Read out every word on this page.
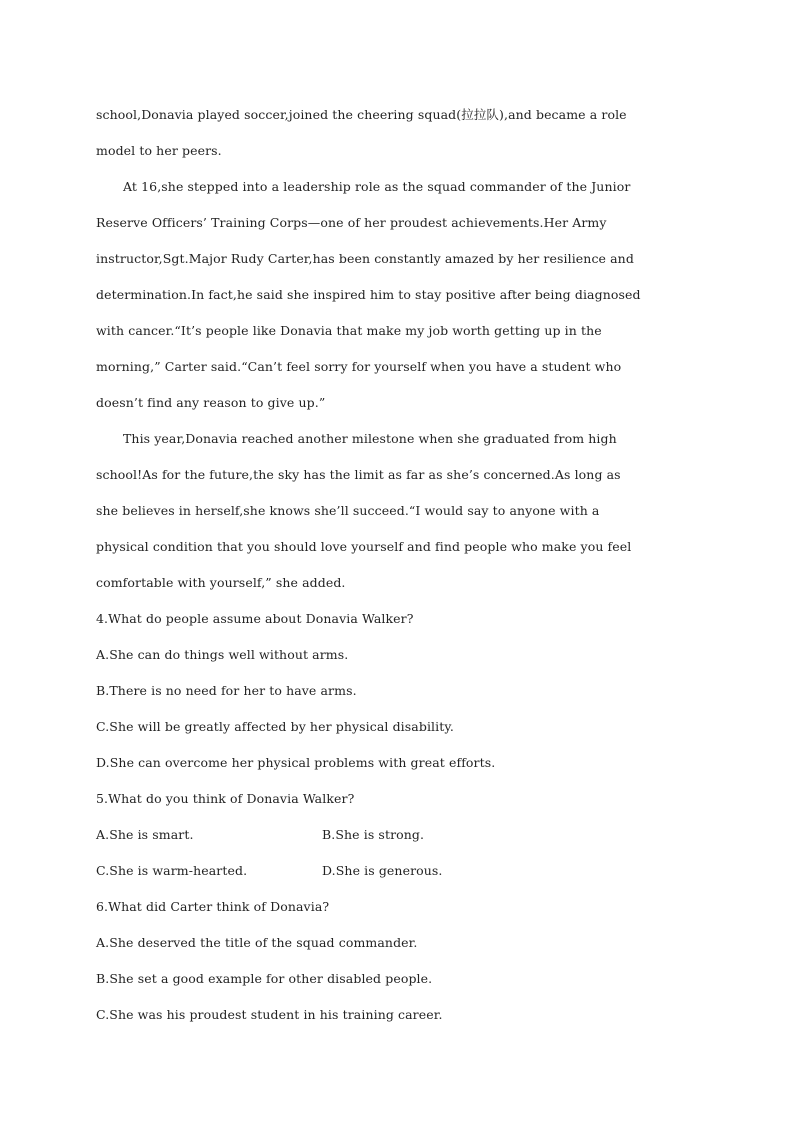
school,Donavia played soccer,joined the cheering squad(拉拉队),and became a role
model to her peers.
At 16,she stepped into a leadership role as the squad commander of the Junior
Reserve Officers’ Training Corps—one of her proudest achievements.Her Army
instructor,Sgt.Major Rudy Carter,has been constantly amazed by her resilience and
determination.In fact,he said she inspired him to stay positive after being diagnosed
with cancer.“It’s people like Donavia that make my job worth getting up in the
morning,” Carter said.“Can’t feel sorry for yourself when you have a student who
doesn’t find any reason to give up.”
This year,Donavia reached another milestone when she graduated from high
school!As for the future,the sky has the limit as far as she’s concerned.As long as
she believes in herself,she knows she’ll succeed.“I would say to anyone with a
physical condition that you should love yourself and find people who make you feel
comfortable with yourself,” she added.
4.What do people assume about Donavia Walker?
A.She can do things well without arms.
B.There is no need for her to have arms.
C.She will be greatly affected by her physical disability.
D.She can overcome her physical problems with great efforts.
5.What do you think of Donavia Walker?
A.She is smart.	B.She is strong.
C.She is warm-hearted.	D.She is generous.
6.What did Carter think of Donavia?
A.She deserved the title of the squad commander.
B.She set a good example for other disabled people.
C.She was his proudest student in his training career.
